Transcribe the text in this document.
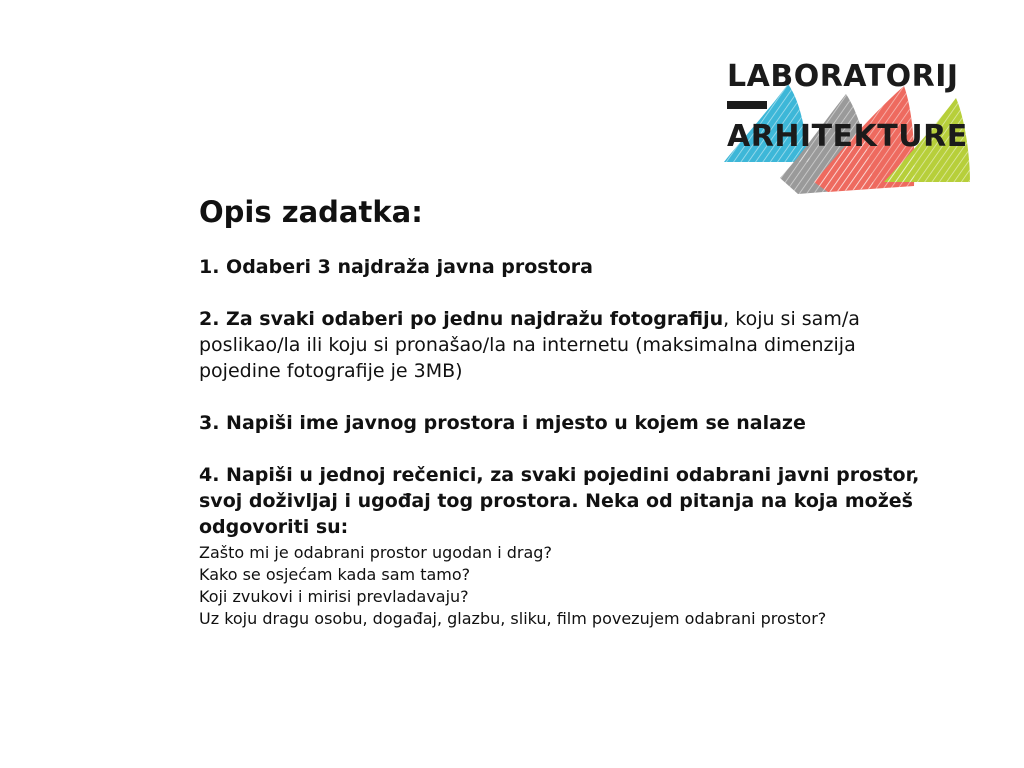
LABORATORIJ
ARHITEKTURE
Opis zadatka:
1. Odaberi 3 najdraža javna prostora
2. Za svaki odaberi po jednu najdražu fotografiju, koju si sam/a poslikao/la ili koju si pronašao/la na internetu (maksimalna dimenzija pojedine fotografije je 3MB)
3. Napiši ime javnog prostora i mjesto u kojem se nalaze
4. Napiši u jednoj rečenici, za svaki pojedini odabrani javni prostor, svoj doživljaj i ugođaj tog prostora. Neka od pitanja na koja možeš odgovoriti su:
Zašto mi je odabrani prostor ugodan i drag?
Kako se osjećam kada sam tamo?
Koji zvukovi i mirisi prevladavaju?
Uz koju dragu osobu, događaj, glazbu, sliku, film povezujem odabrani prostor?
